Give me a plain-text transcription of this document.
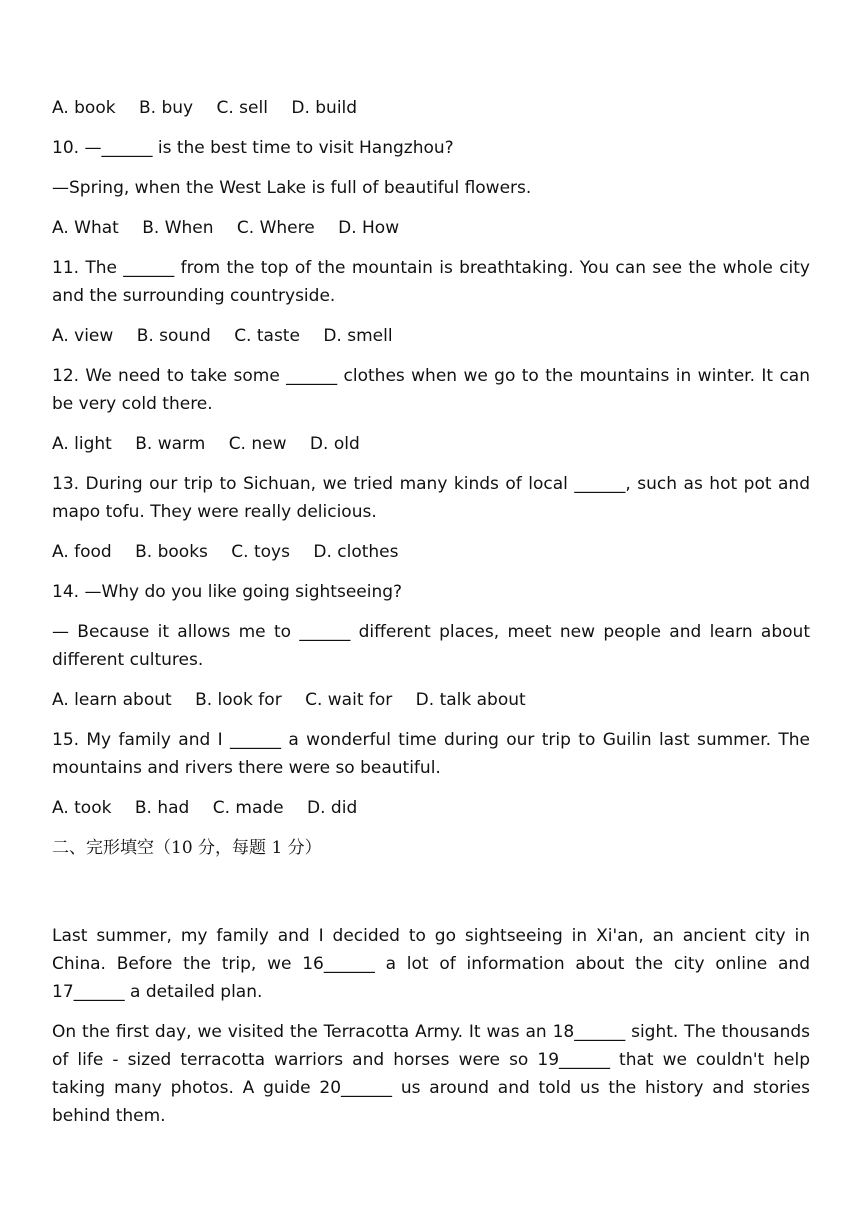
A. book B. buy C. sell D. build
10. —______ is the best time to visit Hangzhou?
—Spring, when the West Lake is full of beautiful flowers.
A. What B. When C. Where D. How
11. The ______ from the top of the mountain is breathtaking. You can see the whole city and the surrounding countryside.
A. view B. sound C. taste D. smell
12. We need to take some ______ clothes when we go to the mountains in winter. It can be very cold there.
A. light B. warm C. new D. old
13. During our trip to Sichuan, we tried many kinds of local ______, such as hot pot and mapo tofu. They were really delicious.
A. food B. books C. toys D. clothes
14. —Why do you like going sightseeing?
— Because it allows me to ______ different places, meet new people and learn about different cultures.
A. learn about B. look for C. wait for D. talk about
15. My family and I ______ a wonderful time during our trip to Guilin last summer. The mountains and rivers there were so beautiful.
A. took B. had C. made D. did
二、完形填空（10 分，每题 1 分）
Last summer, my family and I decided to go sightseeing in Xi'an, an ancient city in China. Before the trip, we 16______ a lot of information about the city online and 17______ a detailed plan.
On the first day, we visited the Terracotta Army. It was an 18______ sight. The thousands of life - sized terracotta warriors and horses were so 19______ that we couldn't help taking many photos. A guide 20______ us around and told us the history and stories behind them.
